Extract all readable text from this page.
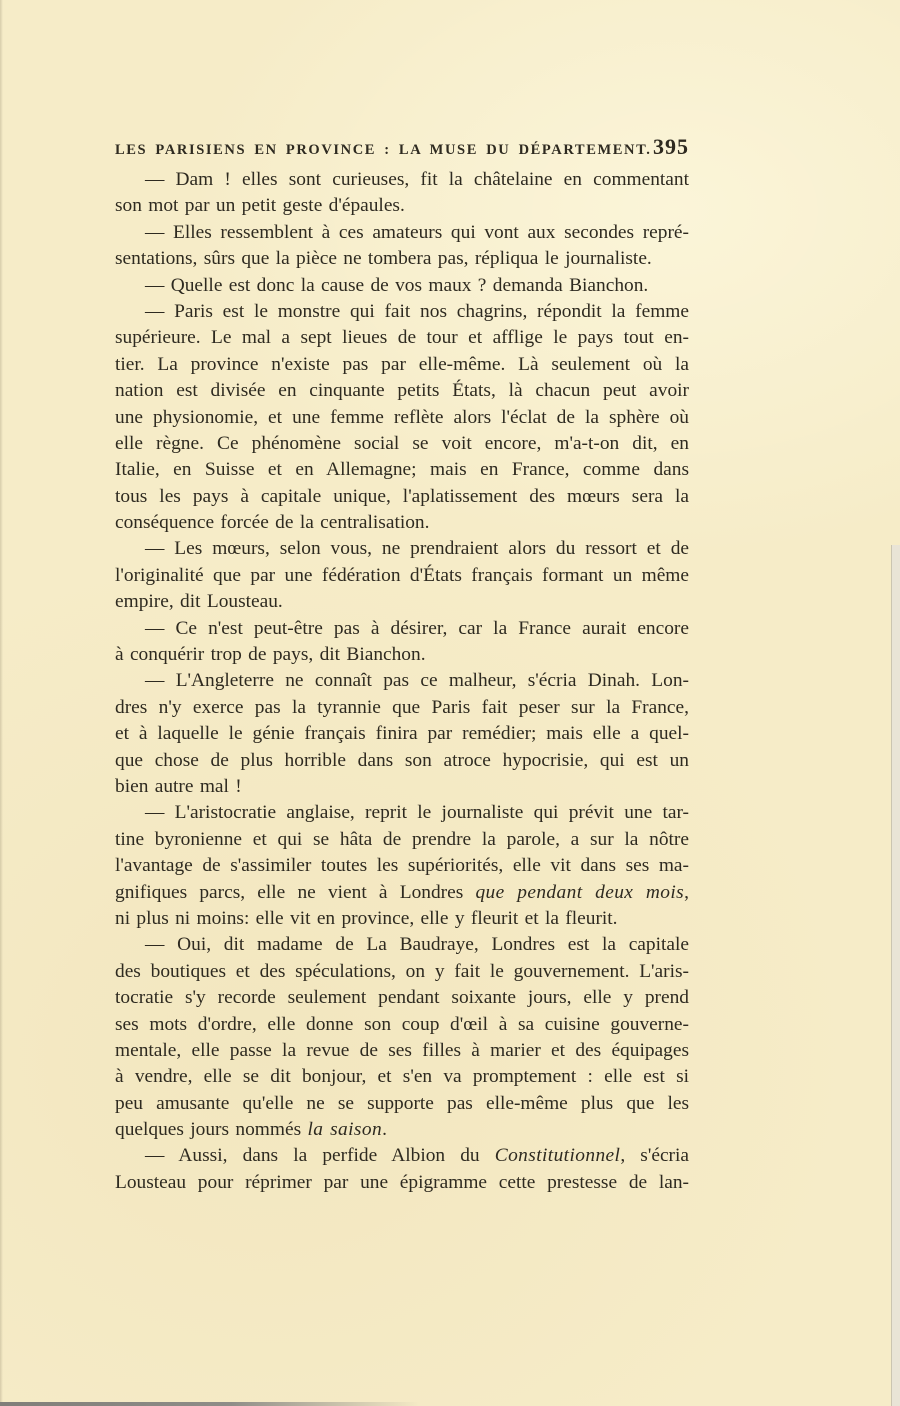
LES PARISIENS EN PROVINCE : LA MUSE DU DÉPARTEMENT. 395
— Dam ! elles sont curieuses, fit la châtelaine en commentant
son mot par un petit geste d'épaules.
— Elles ressemblent à ces amateurs qui vont aux secondes repré-
sentations, sûrs que la pièce ne tombera pas, répliqua le journaliste.
— Quelle est donc la cause de vos maux ? demanda Bianchon.
— Paris est le monstre qui fait nos chagrins, répondit la femme
supérieure. Le mal a sept lieues de tour et afflige le pays tout en-
tier. La province n'existe pas par elle-même. Là seulement où la
nation est divisée en cinquante petits États, là chacun peut avoir
une physionomie, et une femme reflète alors l'éclat de la sphère où
elle règne. Ce phénomène social se voit encore, m'a-t-on dit, en
Italie, en Suisse et en Allemagne; mais en France, comme dans
tous les pays à capitale unique, l'aplatissement des mœurs sera la
conséquence forcée de la centralisation.
— Les mœurs, selon vous, ne prendraient alors du ressort et de
l'originalité que par une fédération d'États français formant un même
empire, dit Lousteau.
— Ce n'est peut-être pas à désirer, car la France aurait encore
à conquérir trop de pays, dit Bianchon.
— L'Angleterre ne connaît pas ce malheur, s'écria Dinah. Lon-
dres n'y exerce pas la tyrannie que Paris fait peser sur la France,
et à laquelle le génie français finira par remédier; mais elle a quel-
que chose de plus horrible dans son atroce hypocrisie, qui est un
bien autre mal !
— L'aristocratie anglaise, reprit le journaliste qui prévit une tar-
tine byronienne et qui se hâta de prendre la parole, a sur la nôtre
l'avantage de s'assimiler toutes les supériorités, elle vit dans ses ma-
gnifiques parcs, elle ne vient à Londres que pendant deux mois,
ni plus ni moins: elle vit en province, elle y fleurit et la fleurit.
— Oui, dit madame de La Baudraye, Londres est la capitale
des boutiques et des spéculations, on y fait le gouvernement. L'aris-
tocratie s'y recorde seulement pendant soixante jours, elle y prend
ses mots d'ordre, elle donne son coup d'œil à sa cuisine gouverne-
mentale, elle passe la revue de ses filles à marier et des équipages
à vendre, elle se dit bonjour, et s'en va promptement : elle est si
peu amusante qu'elle ne se supporte pas elle-même plus que les
quelques jours nommés la saison.
— Aussi, dans la perfide Albion du Constitutionnel, s'écria
Lousteau pour réprimer par une épigramme cette prestesse de lan-
